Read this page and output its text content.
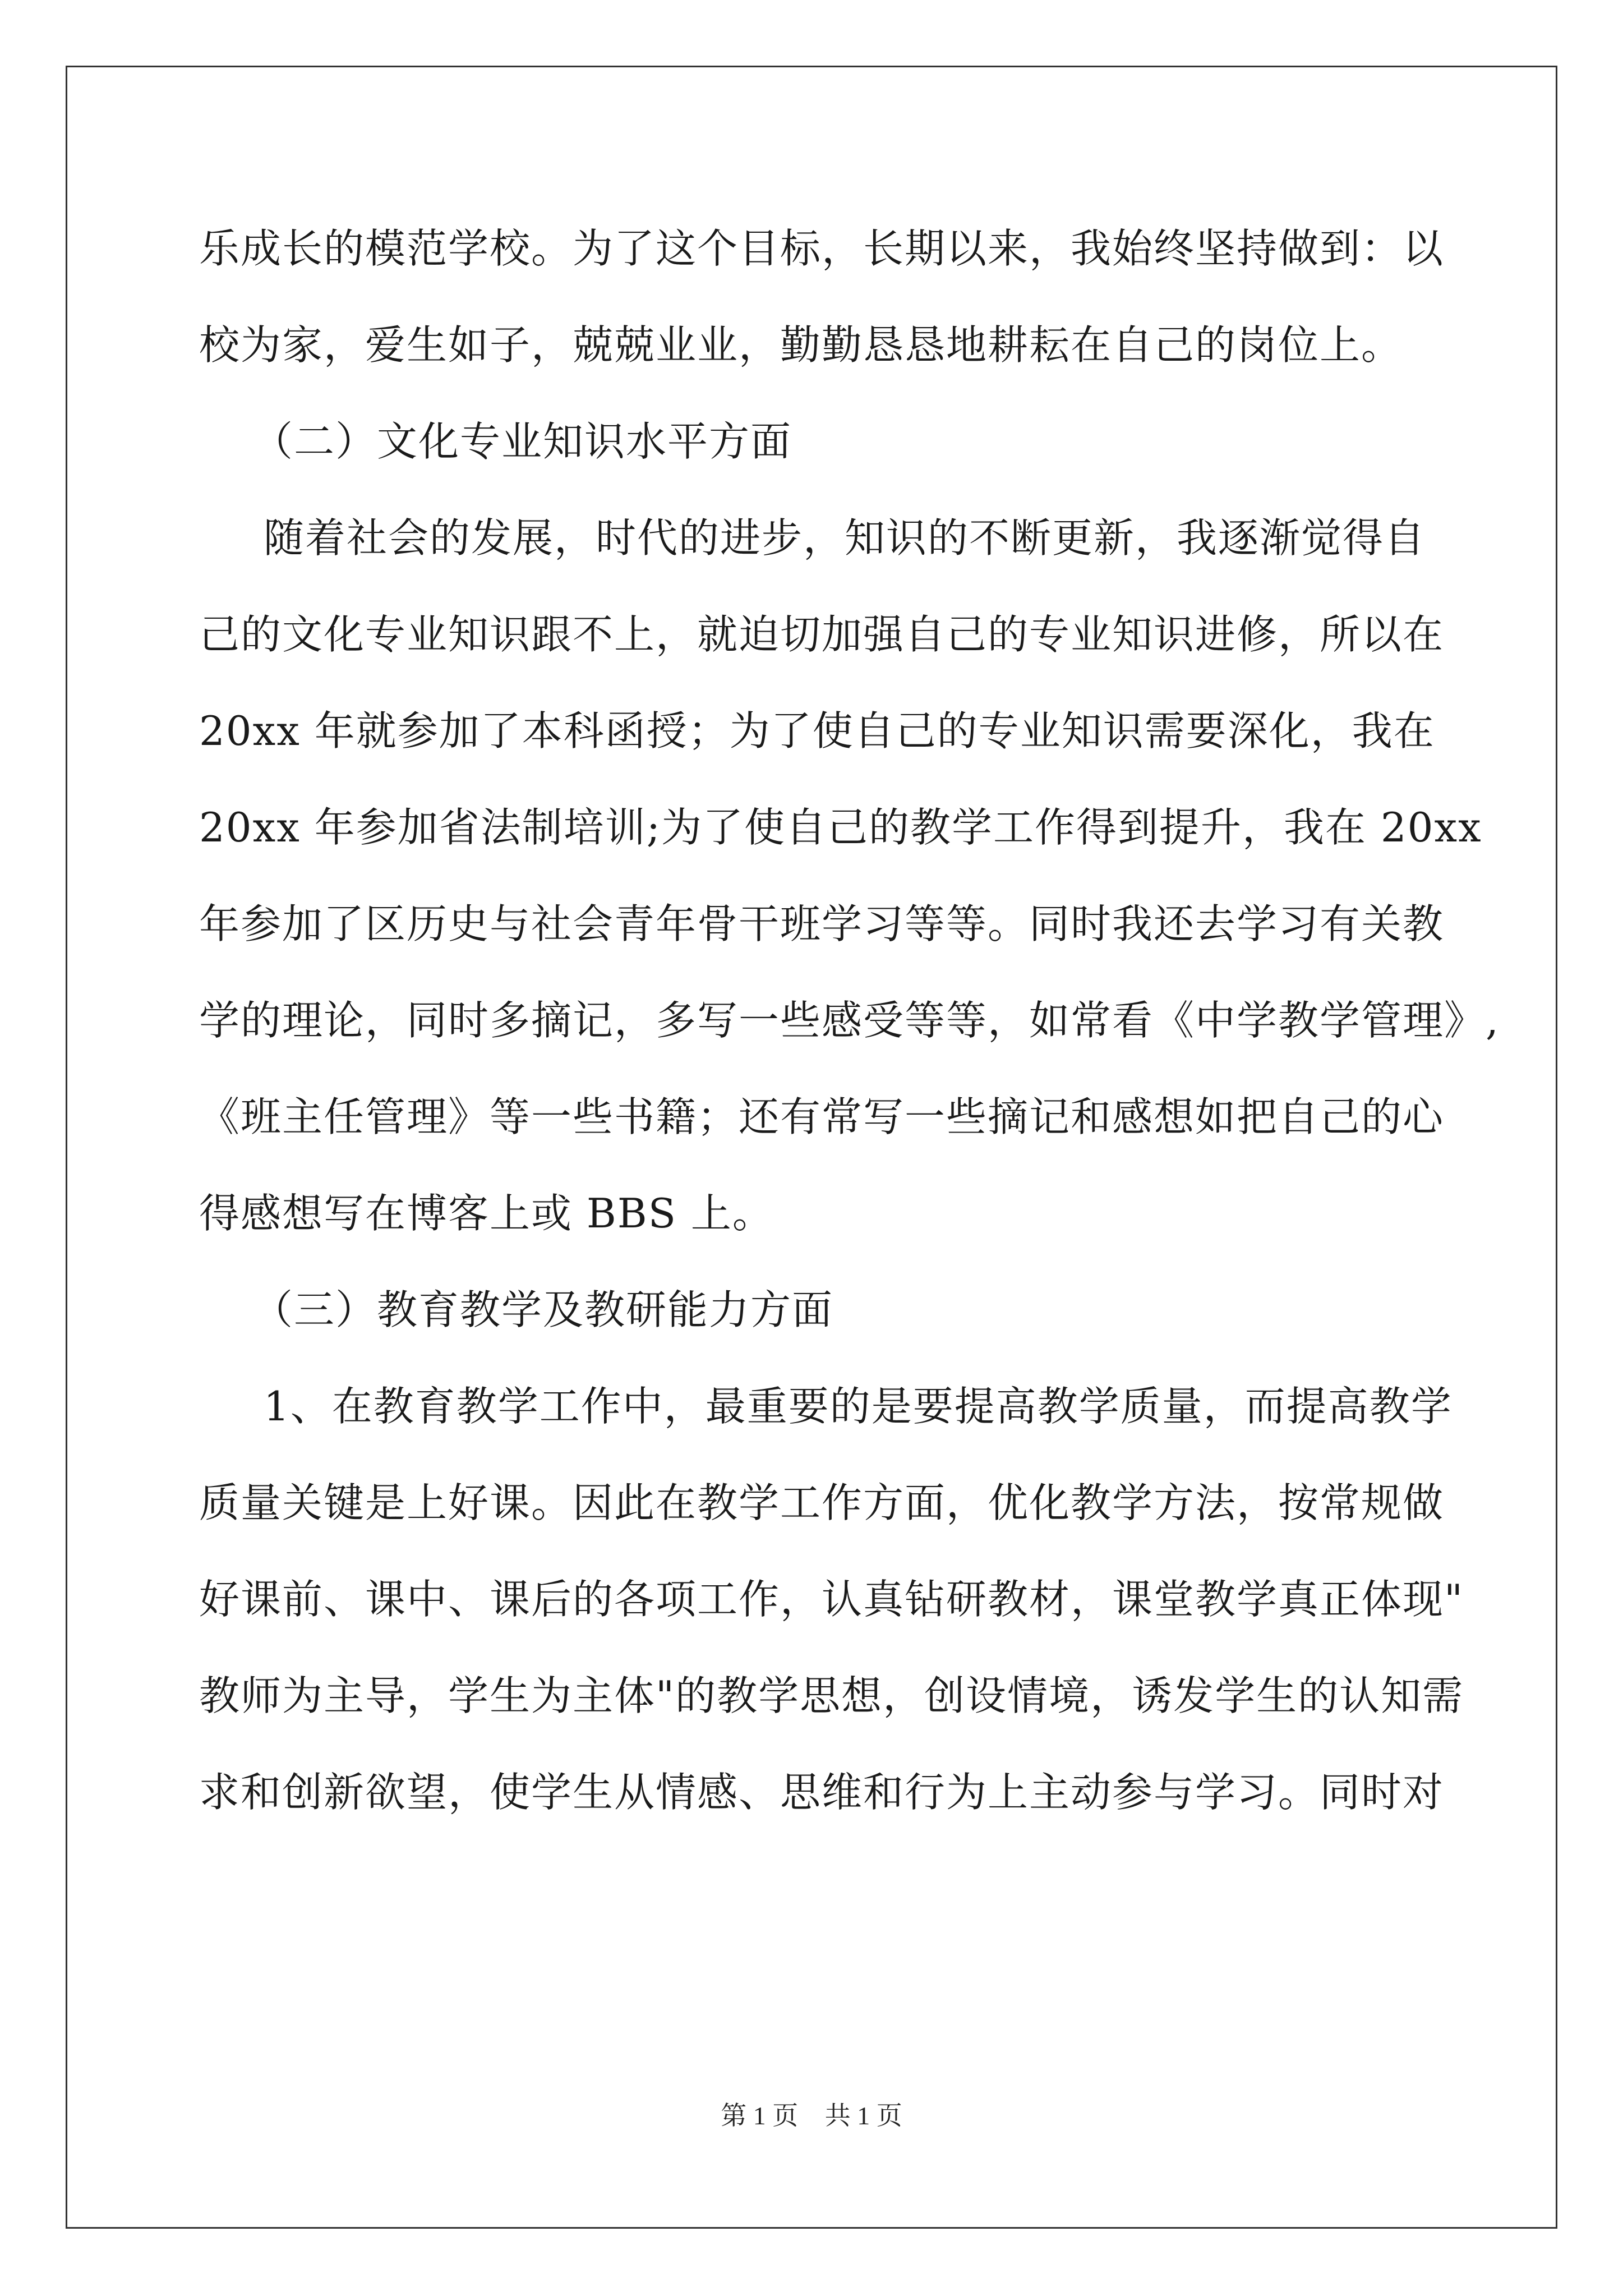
乐成长的模范学校。为了这个目标，长期以来，我始终坚持做到：以
校为家，爱生如子，兢兢业业，勤勤恳恳地耕耘在自己的岗位上。
（二）文化专业知识水平方面
随着社会的发展，时代的进步，知识的不断更新，我逐渐觉得自
己的文化专业知识跟不上，就迫切加强自己的专业知识进修，所以在
20xx 年就参加了本科函授；为了使自己的专业知识需要深化，我在
20xx 年参加省法制培训;为了使自己的教学工作得到提升，我在 20xx
年参加了区历史与社会青年骨干班学习等等。同时我还去学习有关教
学的理论，同时多摘记，多写一些感受等等，如常看《中学教学管理》,
《班主任管理》等一些书籍；还有常写一些摘记和感想如把自己的心
得感想写在博客上或 BBS 上。
（三）教育教学及教研能力方面
1、在教育教学工作中，最重要的是要提高教学质量，而提高教学
质量关键是上好课。因此在教学工作方面，优化教学方法，按常规做
好课前、课中、课后的各项工作，认真钻研教材，课堂教学真正体现"
教师为主导，学生为主体"的教学思想，创设情境，诱发学生的认知需
求和创新欲望，使学生从情感、思维和行为上主动参与学习。同时对
第 1 页 共 1 页
